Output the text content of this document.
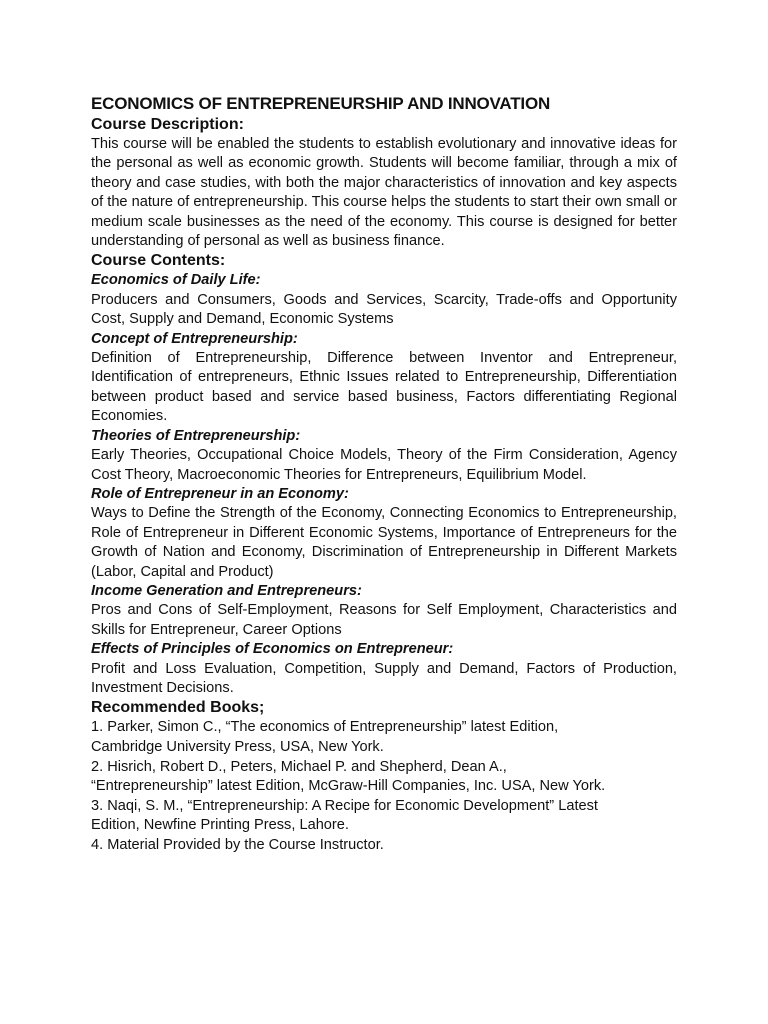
ECONOMICS OF ENTREPRENEURSHIP AND INNOVATION
Course Description:

This course will be enabled the students to establish evolutionary and innovative ideas for the personal as well as economic growth. Students will become familiar, through a mix of theory and case studies, with both the major characteristics of innovation and key aspects of the nature of entrepreneurship. This course helps the students to start their own small or medium scale businesses as the need of the economy. This course is designed for better understanding of personal as well as business finance.

Course Contents:

Economics of Daily Life:

Producers and Consumers, Goods and Services, Scarcity, Trade-offs and Opportunity Cost, Supply and Demand, Economic Systems

Concept of Entrepreneurship:

Definition of Entrepreneurship, Difference between Inventor and Entrepreneur, Identification of entrepreneurs, Ethnic Issues related to Entrepreneurship, Differentiation between product based and service based business, Factors differentiating Regional Economies.

Theories of Entrepreneurship:

Early Theories, Occupational Choice Models, Theory of the Firm Consideration, Agency Cost Theory, Macroeconomic Theories for Entrepreneurs, Equilibrium Model.

Role of Entrepreneur in an Economy:

Ways to Define the Strength of the Economy, Connecting Economics to Entrepreneurship, Role of Entrepreneur in Different Economic Systems, Importance of Entrepreneurs for the Growth of Nation and Economy, Discrimination of Entrepreneurship in Different Markets (Labor, Capital and Product)

Income Generation and Entrepreneurs:

Pros and Cons of Self-Employment, Reasons for Self Employment, Characteristics and Skills for Entrepreneur, Career Options

Effects of Principles of Economics on Entrepreneur:

Profit and Loss Evaluation, Competition, Supply and Demand, Factors of Production, Investment Decisions.

Recommended Books;
1. Parker, Simon C., “The economics of Entrepreneurship” latest Edition,
Cambridge University Press, USA, New York.
2. Hisrich, Robert D., Peters, Michael P. and Shepherd, Dean A.,
“Entrepreneurship” latest Edition, McGraw-Hill Companies, Inc. USA, New York.
3. Naqi, S. M., “Entrepreneurship: A Recipe for Economic Development” Latest
Edition, Newfine Printing Press, Lahore.
4. Material Provided by the Course Instructor.
